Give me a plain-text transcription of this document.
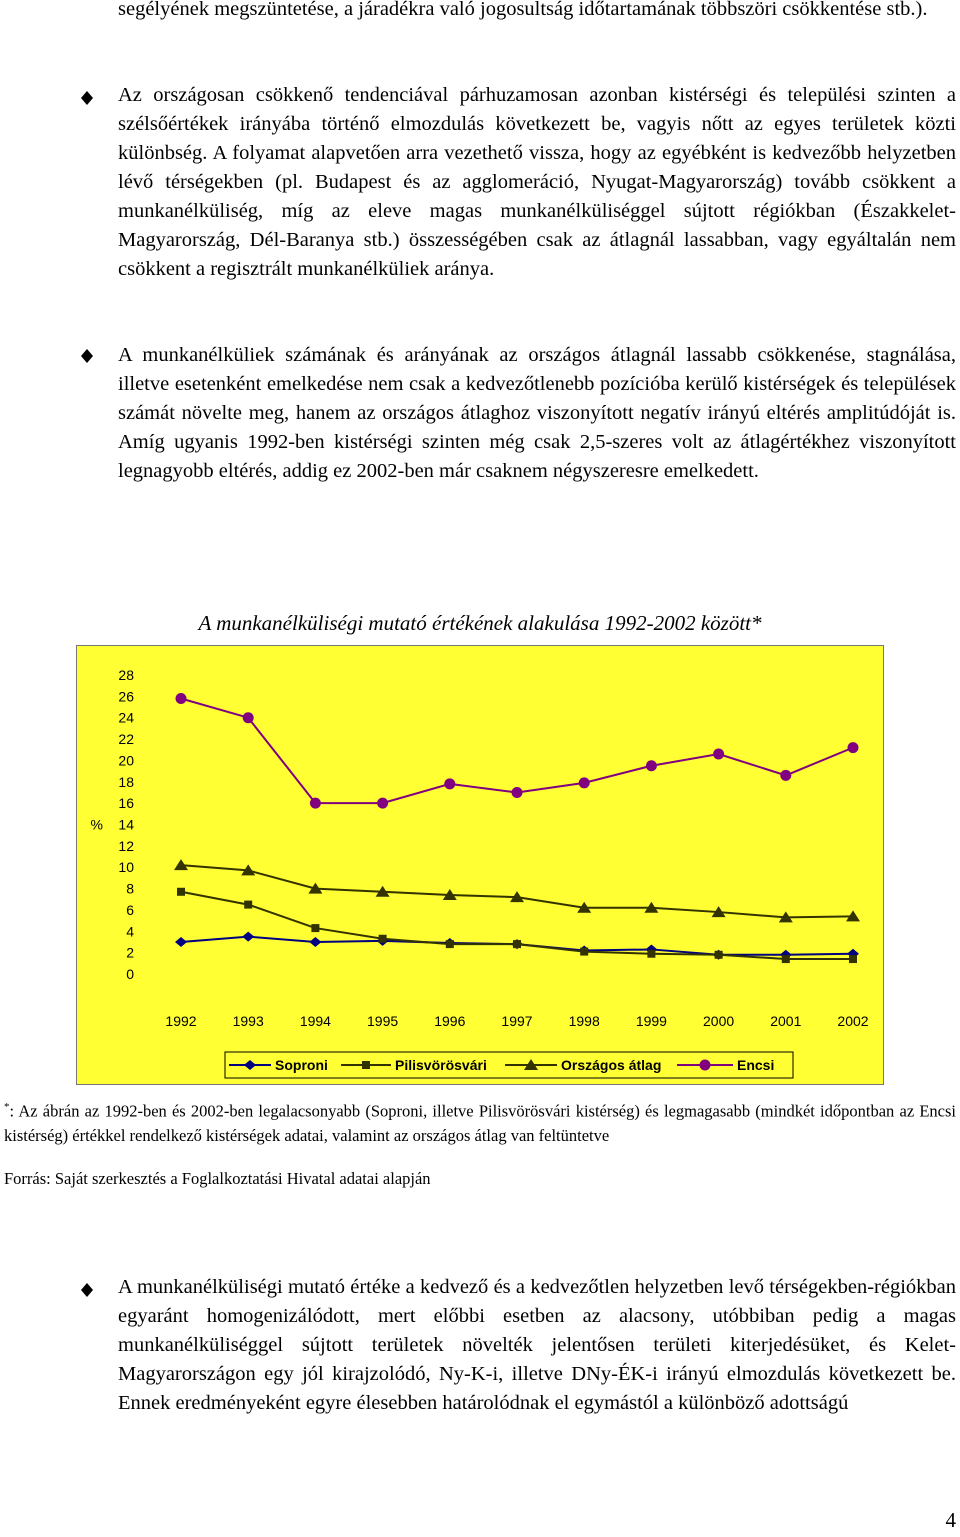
segélyének megszüntetése, a járadékra való jogosultság időtartamának többszöri csökkentése stb.).

Az országosan csökkenő tendenciával párhuzamosan azonban kistérségi és települési szinten a szélsőértékek irányába történő elmozdulás következett be, vagyis nőtt az egyes területek közti különbség. A folyamat alapvetően arra vezethető vissza, hogy az egyébként is kedvezőbb helyzetben lévő térségekben (pl. Budapest és az agglomeráció, Nyugat-Magyarország) tovább csökkent a munkanélküliség, míg az eleve magas munkanélküliséggel sújtott régiókban (Északkelet-Magyarország, Dél-Baranya stb.) összességében csak az átlagnál lassabban, vagy egyáltalán nem csökkent a regisztrált munkanélküliek aránya.

A munkanélküliek számának és arányának az országos átlagnál lassabb csökkenése, stagnálása, illetve esetenként emelkedése nem csak a kedvezőtlenebb pozícióba kerülő kistérségek és települések számát növelte meg, hanem az országos átlaghoz viszonyított negatív irányú eltérés amplitúdóját is. Amíg ugyanis 1992-ben kistérségi szinten még csak 2,5-szeres volt az átlagértékhez viszonyított legnagyobb eltérés, addig ez 2002-ben már csaknem négyszeresre emelkedett.

A munkanélküliségi mutató értékének alakulása 1992-2002 között*
0
2
4
6
8
10
12
14
16
18
20
22
24
26
28
%
1992	1993	1994	1995	1996	1997	1998	1999	2000	2001	2002
Soproni	Pilisvörösvári	Országos átlag	Encsi

*: Az ábrán az 1992-ben és 2002-ben legalacsonyabb (Soproni, illetve Pilisvörösvári kistérség) és legmagasabb (mindkét időpontban az Encsi kistérség) értékkel rendelkező kistérségek adatai, valamint az országos átlag van feltüntetve

Forrás: Saját szerkesztés a Foglalkoztatási Hivatal adatai alapján

A munkanélküliségi mutató értéke a kedvező és a kedvezőtlen helyzetben levő térségekben-régiókban egyaránt homogenizálódott, mert előbbi esetben az alacsony, utóbbiban pedig a magas munkanélküliséggel sújtott területek növelték jelentősen területi kiterjedésüket, és Kelet-Magyarországon egy jól kirajzolódó, Ny-K-i, illetve DNy-ÉK-i irányú elmozdulás következett be. Ennek eredményeként egyre élesebben határolódnak el egymástól a különböző adottságú

4
